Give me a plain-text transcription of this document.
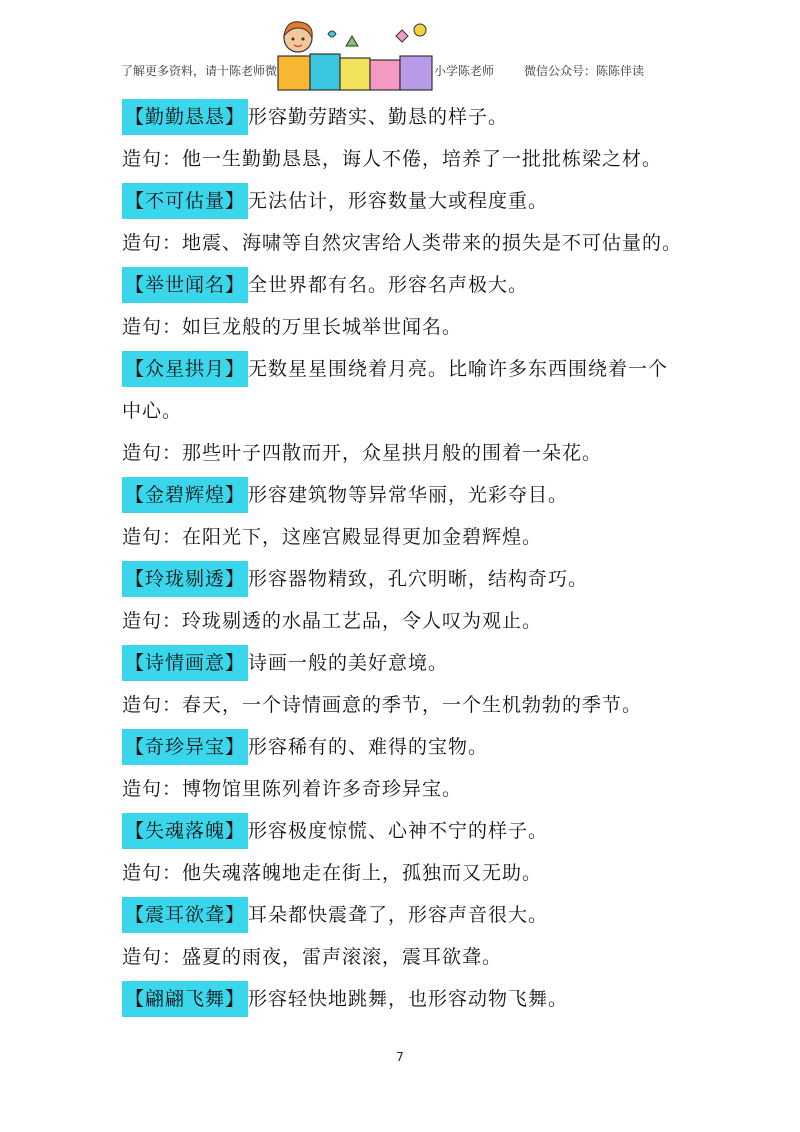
了解更多资料，请十陈老师微	小学陈老师 微信公众号：陈陈伴读
【勤勤恳恳】 形容勤劳踏实、勤恳的样子。
造句：他一生勤勤恳恳，诲人不倦，培养了一批批栋梁之材。
【不可估量】 无法估计，形容数量大或程度重。
造句：地震、海啸等自然灾害给人类带来的损失是不可估量的。
【举世闻名】 全世界都有名。形容名声极大。
造句：如巨龙般的万里长城举世闻名。
【众星拱月】 无数星星围绕着月亮。比喻许多东西围绕着一个
中心。
造句：那些叶子四散而开，众星拱月般的围着一朵花。
【金碧辉煌】 形容建筑物等异常华丽，光彩夺目。
造句：在阳光下，这座宫殿显得更加金碧辉煌。
【玲珑剔透】 形容器物精致，孔穴明晰，结构奇巧。
造句：玲珑剔透的水晶工艺品，令人叹为观止。
【诗情画意】 诗画一般的美好意境。
造句：春天，一个诗情画意的季节，一个生机勃勃的季节。
【奇珍异宝】 形容稀有的、难得的宝物。
造句：博物馆里陈列着许多奇珍异宝。
【失魂落魄】 形容极度惊慌、心神不宁的样子。
造句：他失魂落魄地走在街上，孤独而又无助。
【震耳欲聋】 耳朵都快震聋了，形容声音很大。
造句：盛夏的雨夜，雷声滚滚，震耳欲聋。
【翩翩飞舞】 形容轻快地跳舞，也形容动物飞舞。
7
